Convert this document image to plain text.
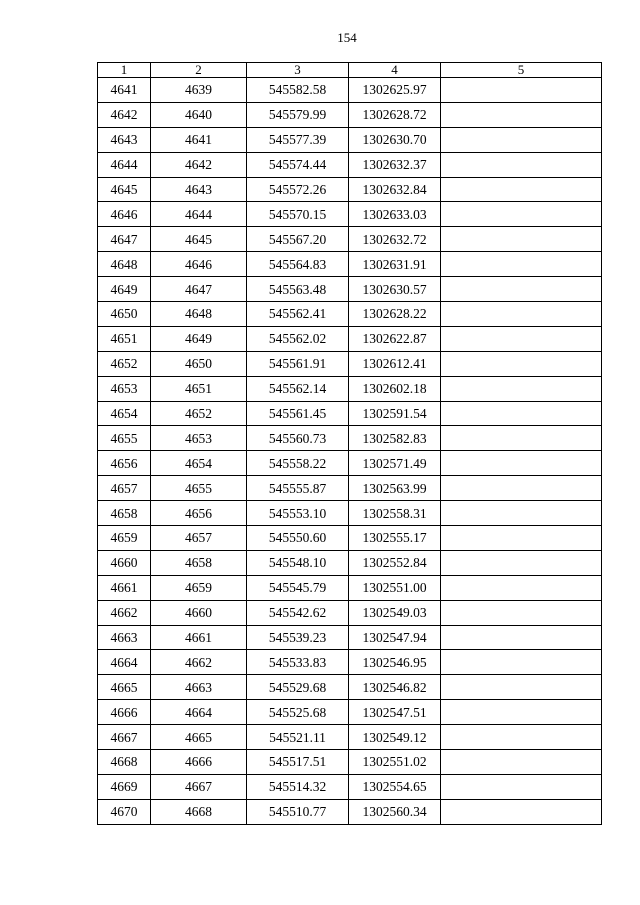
154
1	2	3	4	5
4641	4639	545582.58	1302625.97	
4642	4640	545579.99	1302628.72	
4643	4641	545577.39	1302630.70	
4644	4642	545574.44	1302632.37	
4645	4643	545572.26	1302632.84	
4646	4644	545570.15	1302633.03	
4647	4645	545567.20	1302632.72	
4648	4646	545564.83	1302631.91	
4649	4647	545563.48	1302630.57	
4650	4648	545562.41	1302628.22	
4651	4649	545562.02	1302622.87	
4652	4650	545561.91	1302612.41	
4653	4651	545562.14	1302602.18	
4654	4652	545561.45	1302591.54	
4655	4653	545560.73	1302582.83	
4656	4654	545558.22	1302571.49	
4657	4655	545555.87	1302563.99	
4658	4656	545553.10	1302558.31	
4659	4657	545550.60	1302555.17	
4660	4658	545548.10	1302552.84	
4661	4659	545545.79	1302551.00	
4662	4660	545542.62	1302549.03	
4663	4661	545539.23	1302547.94	
4664	4662	545533.83	1302546.95	
4665	4663	545529.68	1302546.82	
4666	4664	545525.68	1302547.51	
4667	4665	545521.11	1302549.12	
4668	4666	545517.51	1302551.02	
4669	4667	545514.32	1302554.65	
4670	4668	545510.77	1302560.34	
